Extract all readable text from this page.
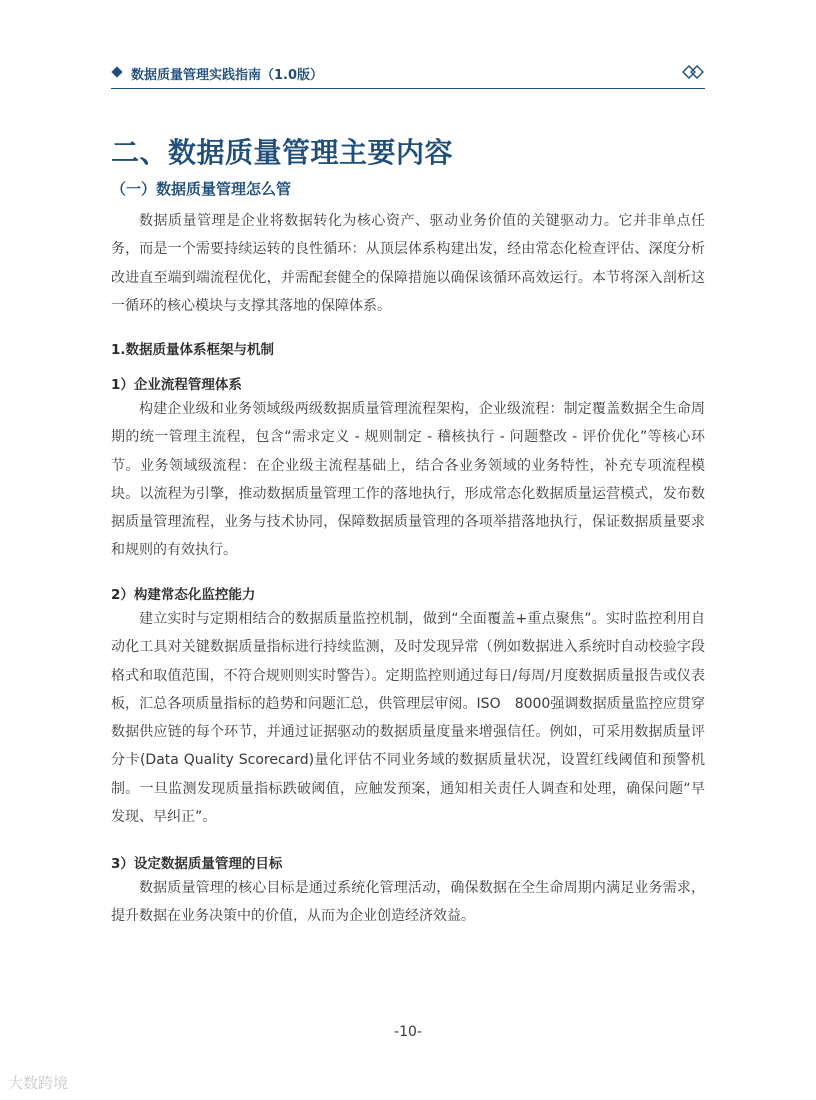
数据质量管理实践指南（1.0版）
二、数据质量管理主要内容
（一）数据质量管理怎么管

数据质量管理是企业将数据转化为核心资产、驱动业务价值的关键驱动力。它并非单点任务，而是一个需要持续运转的良性循环：从顶层体系构建出发，经由常态化检查评估、深度分析改进直至端到端流程优化，并需配套健全的保障措施以确保该循环高效运行。本节将深入剖析这一循环的核心模块与支撑其落地的保障体系。

1.数据质量体系框架与机制
1）企业流程管理体系

构建企业级和业务领域级两级数据质量管理流程架构，企业级流程：制定覆盖数据全生命周期的统一管理主流程，包含“需求定义 - 规则制定 - 稽核执行 - 问题整改 - 评价优化”等核心环节。业务领域级流程：在企业级主流程基础上，结合各业务领域的业务特性，补充专项流程模块。以流程为引擎，推动数据质量管理工作的落地执行，形成常态化数据质量运营模式，发布数据质量管理流程，业务与技术协同，保障数据质量管理的各项举措落地执行，保证数据质量要求和规则的有效执行。

2）构建常态化监控能力

建立实时与定期相结合的数据质量监控机制，做到“全面覆盖+重点聚焦”。实时监控利用自动化工具对关键数据质量指标进行持续监测，及时发现异常（例如数据进入系统时自动校验字段格式和取值范围，不符合规则则实时警告）。定期监控则通过每日/每周/月度数据质量报告或仪表板，汇总各项质量指标的趋势和问题汇总，供管理层审阅。ISO　8000强调数据质量监控应贯穿数据供应链的每个环节，并通过证据驱动的数据质量度量来增强信任。例如，可采用数据质量评分卡(Data Quality Scorecard)量化评估不同业务域的数据质量状况，设置红线阈值和预警机制。一旦监测发现质量指标跌破阈值，应触发预案，通知相关责任人调查和处理，确保问题“早发现、早纠正”。

3）设定数据质量管理的目标

数据质量管理的核心目标是通过系统化管理活动，确保数据在全生命周期内满足业务需求，提升数据在业务决策中的价值，从而为企业创造经济效益。

-10-
大数跨境
